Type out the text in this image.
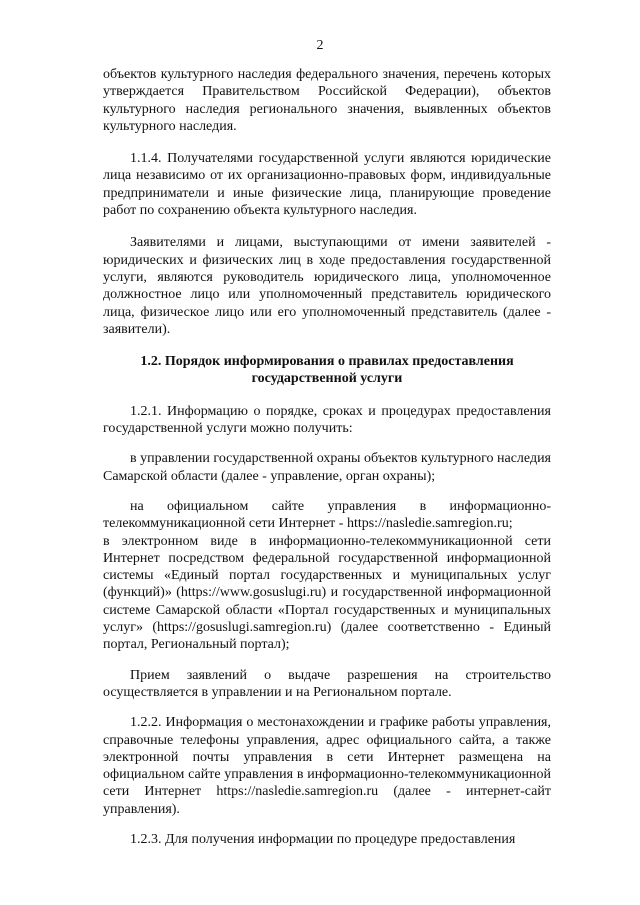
2

объектов культурного наследия федерального значения, перечень которых утверждается Правительством Российской Федерации), объектов культурного наследия регионального значения, выявленных объектов культурного наследия.

1.1.4. Получателями государственной услуги являются юридические лица независимо от их организационно-правовых форм, индивидуальные предприниматели и иные физические лица, планирующие проведение работ по сохранению объекта культурного наследия.

Заявителями и лицами, выступающими от имени заявителей - юридических и физических лиц в ходе предоставления государственной услуги, являются руководитель юридического лица, уполномоченное должностное лицо или уполномоченный представитель юридического лица, физическое лицо или его уполномоченный представитель (далее - заявители).

1.2. Порядок информирования о правилах предоставления государственной услуги

1.2.1. Информацию о порядке, сроках и процедурах предоставления государственной услуги можно получить:

в управлении государственной охраны объектов культурного наследия Самарской области (далее - управление, орган охраны);

на официальном сайте управления в информационно-телекоммуникационной сети Интернет - https://nasledie.samregion.ru;

в электронном виде в информационно-телекоммуникационной сети Интернет посредством федеральной государственной информационной системы «Единый портал государственных и муниципальных услуг (функций)» (https://www.gosuslugi.ru) и государственной информационной системе Самарской области «Портал государственных и муниципальных услуг» (https://gosuslugi.samregion.ru) (далее соответственно - Единый портал, Региональный портал);

Прием заявлений о выдаче разрешения на строительство осуществляется в управлении и на Региональном портале.

1.2.2. Информация о местонахождении и графике работы управления, справочные телефоны управления, адрес официального сайта, а также электронной почты управления в сети Интернет размещена на официальном сайте управления в информационно-телекоммуникационной сети Интернет https://nasledie.samregion.ru (далее - интернет-сайт управления).

1.2.3. Для получения информации по процедуре предоставления
